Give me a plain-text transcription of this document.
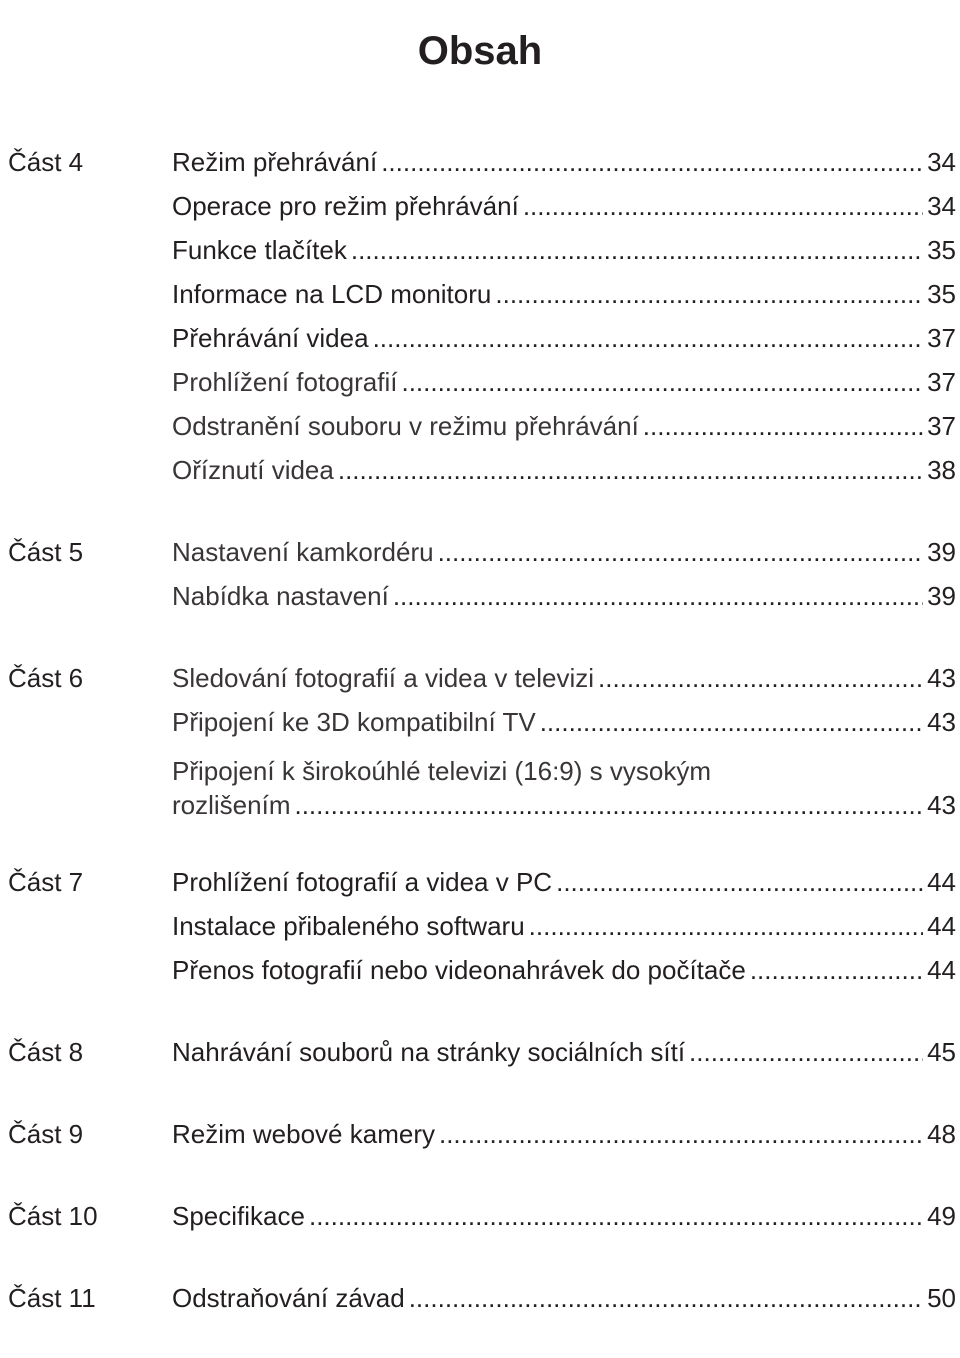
Obsah
Část 4	Režim přehrávání .....	34
Operace pro režim přehrávání .....	34
Funkce tlačítek .....	35
Informace na LCD monitoru .....	35
Přehrávání videa .....	37
Prohlížení fotografií .....	37
Odstranění souboru v režimu přehrávání .....	37
Oříznutí videa .....	38
Část 5	Nastavení kamkordéru .....	39
Nabídka nastavení .....	39
Část 6	Sledování fotografií a videa v televizi .....	43
Připojení ke 3D kompatibilní TV .....	43
Připojení k širokoúhlé televizi (16:9) s vysokým
rozlišením .....	43
Část 7	Prohlížení fotografií a videa v PC .....	44
Instalace přibaleného softwaru .....	44
Přenos fotografií nebo videonahrávek do počítače .....	44
Část 8	Nahrávání souborů na stránky sociálních sítí .....	45
Část 9	Režim webové kamery .....	48
Část 10	Specifikace .....	49
Část 11	Odstraňování závad .....	50
